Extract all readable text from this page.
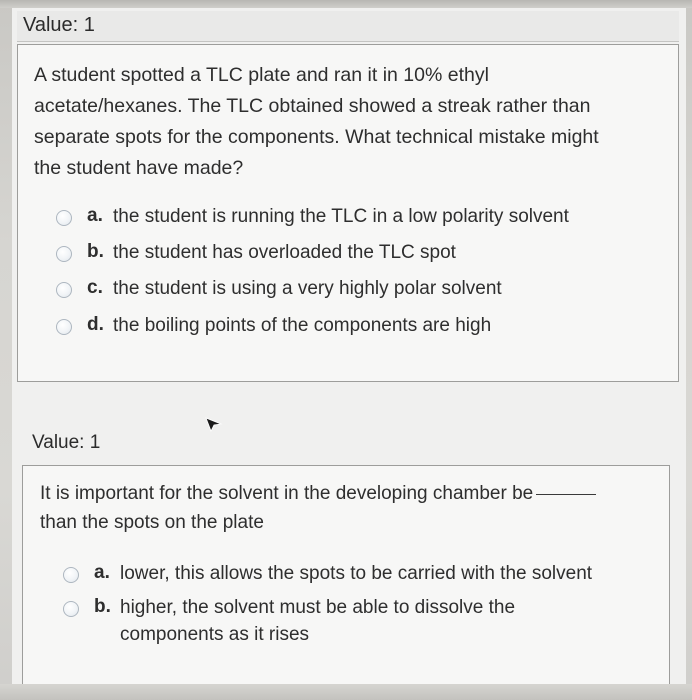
Value: 1
A student spotted a TLC plate and ran it in 10% ethyl
acetate/hexanes. The TLC obtained showed a streak rather than
separate spots for the components. What technical mistake might
the student have made?
a. the student is running the TLC in a low polarity solvent
b. the student has overloaded the TLC spot
c. the student is using a very highly polar solvent
d. the boiling points of the components are high
Value: 1
It is important for the solvent in the developing chamber be
than the spots on the plate
a. lower, this allows the spots to be carried with the solvent
b. higher, the solvent must be able to dissolve the
components as it rises
